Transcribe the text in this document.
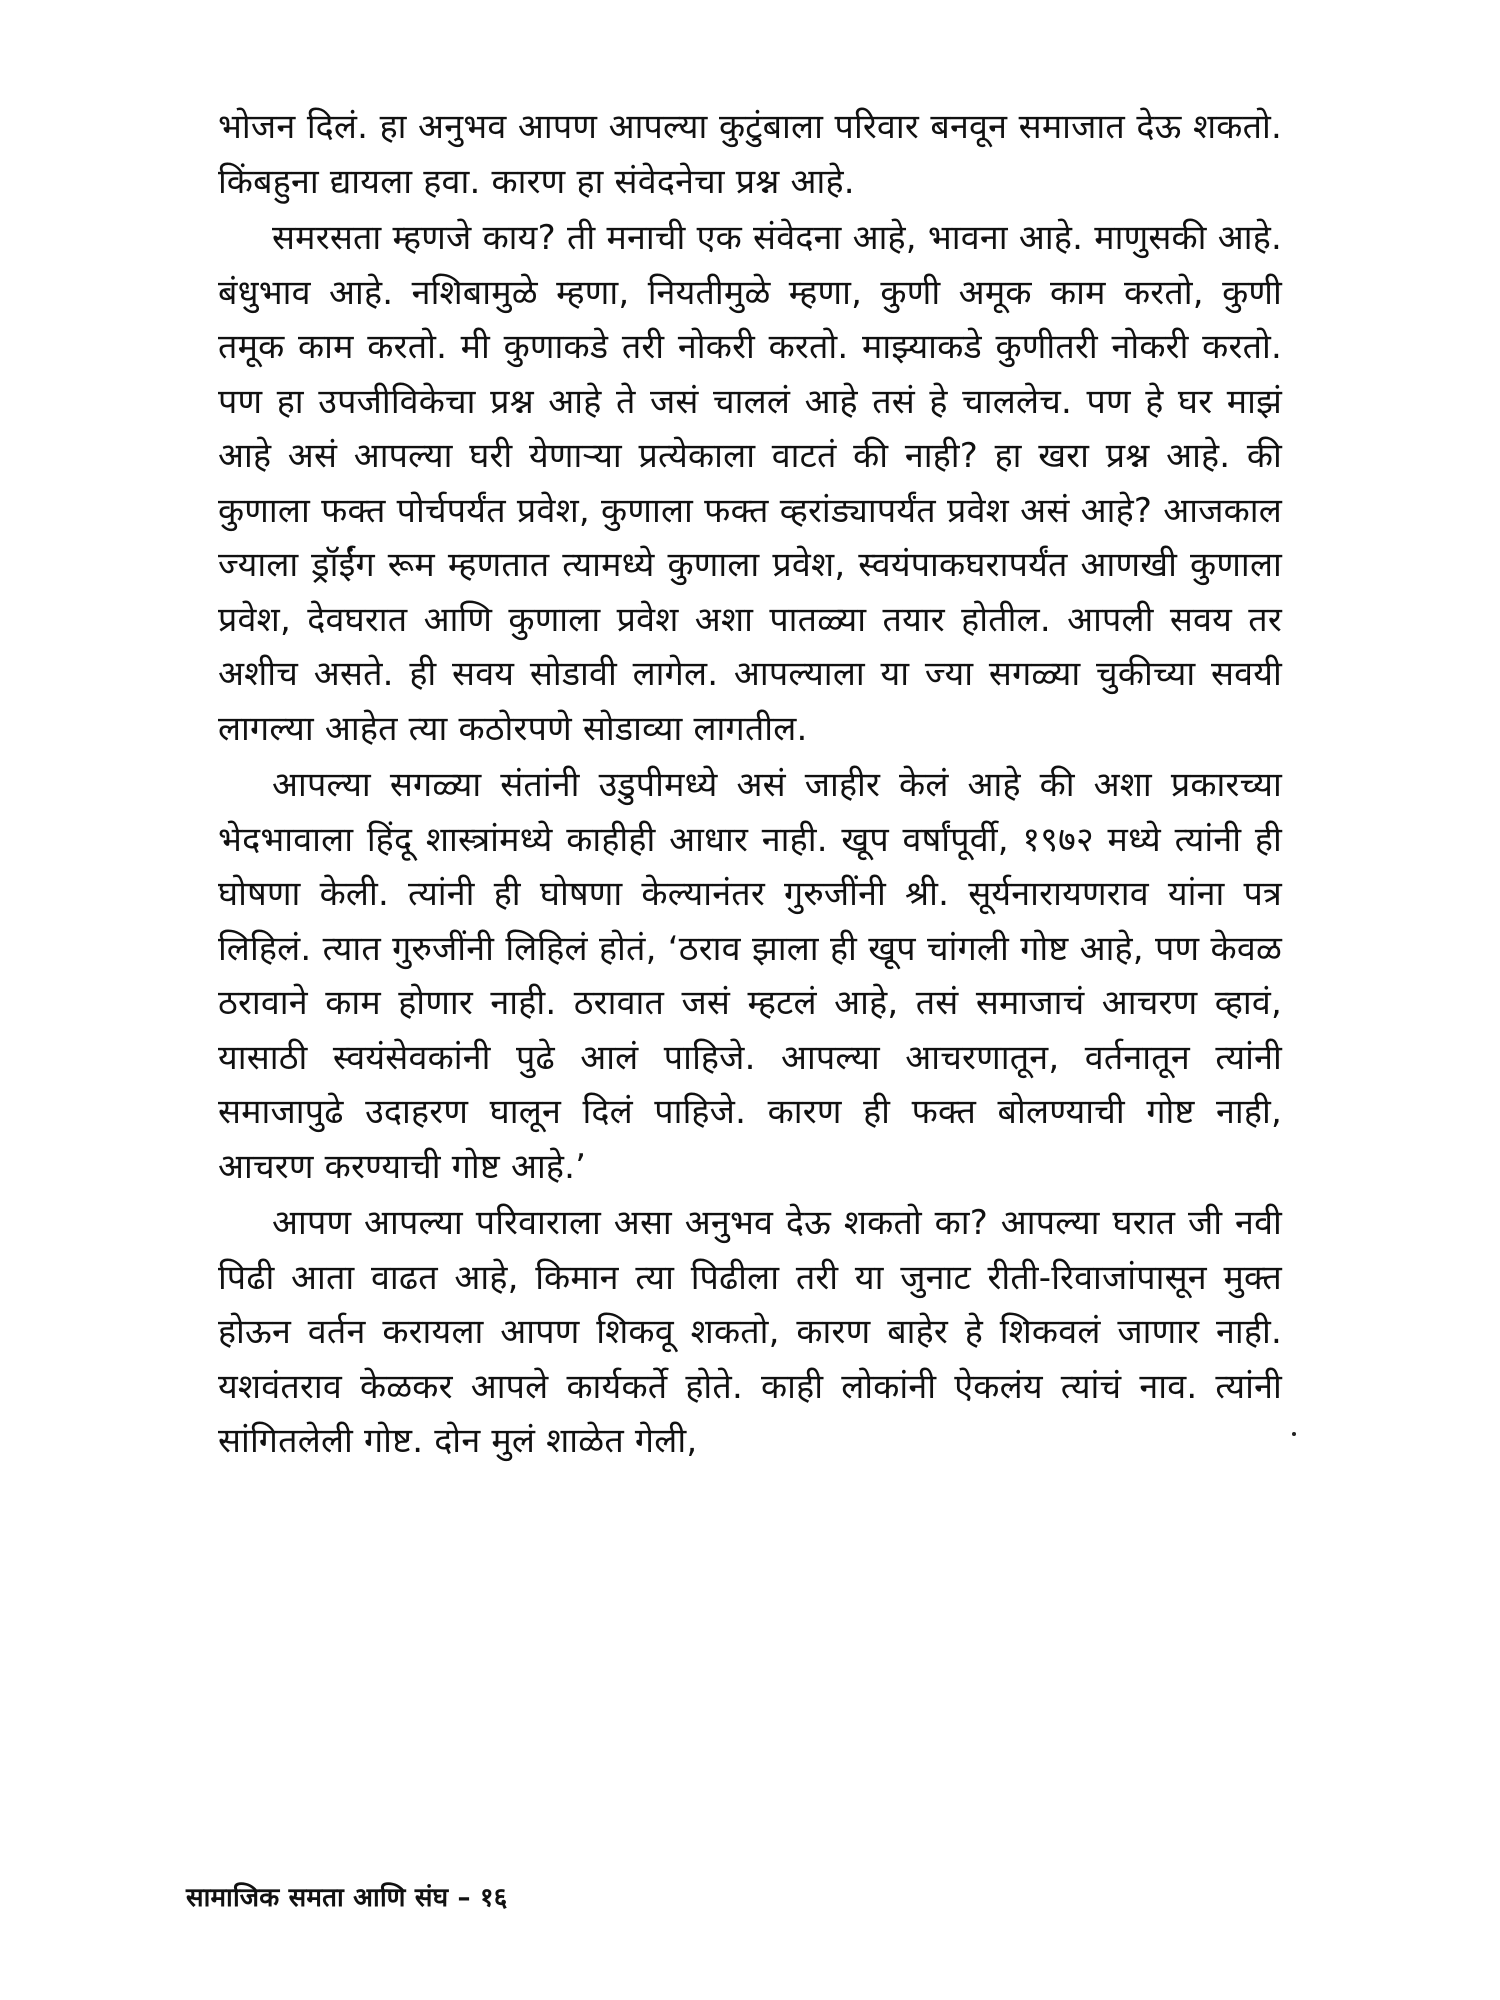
भोजन दिलं. हा अनुभव आपण आपल्या कुटुंबाला परिवार बनवून समाजात देऊ शकतो. किंबहुना द्यायला हवा. कारण हा संवेदनेचा प्रश्न आहे.

समरसता म्हणजे काय? ती मनाची एक संवेदना आहे, भावना आहे. माणुसकी आहे. बंधुभाव आहे. नशिबामुळे म्हणा, नियतीमुळे म्हणा, कुणी अमूक काम करतो, कुणी तमूक काम करतो. मी कुणाकडे तरी नोकरी करतो. माझ्याकडे कुणीतरी नोकरी करतो. पण हा उपजीविकेचा प्रश्न आहे ते जसं चाललं आहे तसं हे चाललेच. पण हे घर माझं आहे असं आपल्या घरी येणाऱ्या प्रत्येकाला वाटतं की नाही? हा खरा प्रश्न आहे. की कुणाला फक्त पोर्चपर्यंत प्रवेश, कुणाला फक्त व्हरांड्यापर्यंत प्रवेश असं आहे? आजकाल ज्याला ड्रॉईंग रूम म्हणतात त्यामध्ये कुणाला प्रवेश, स्वयंपाकघरापर्यंत आणखी कुणाला प्रवेश, देवघरात आणि कुणाला प्रवेश अशा पातळ्या तयार होतील. आपली सवय तर अशीच असते. ही सवय सोडावी लागेल. आपल्याला या ज्या सगळ्या चुकीच्या सवयी लागल्या आहेत त्या कठोरपणे सोडाव्या लागतील.

आपल्या सगळ्या संतांनी उडुपीमध्ये असं जाहीर केलं आहे की अशा प्रकारच्या भेदभावाला हिंदू शास्त्रांमध्ये काहीही आधार नाही. खूप वर्षांपूर्वी, १९७२ मध्ये त्यांनी ही घोषणा केली. त्यांनी ही घोषणा केल्यानंतर गुरुजींनी श्री. सूर्यनारायणराव यांना पत्र लिहिलं. त्यात गुरुजींनी लिहिलं होतं, ‘ठराव झाला ही खूप चांगली गोष्ट आहे, पण केवळ ठरावाने काम होणार नाही. ठरावात जसं म्हटलं आहे, तसं समाजाचं आचरण व्हावं, यासाठी स्वयंसेवकांनी पुढे आलं पाहिजे. आपल्या आचरणातून, वर्तनातून त्यांनी समाजापुढे उदाहरण घालून दिलं पाहिजे. कारण ही फक्त बोलण्याची गोष्ट नाही, आचरण करण्याची गोष्ट आहे.’

आपण आपल्या परिवाराला असा अनुभव देऊ शकतो का? आपल्या घरात जी नवी पिढी आता वाढत आहे, किमान त्या पिढीला तरी या जुनाट रीती-रिवाजांपासून मुक्त होऊन वर्तन करायला आपण शिकवू शकतो, कारण बाहेर हे शिकवलं जाणार नाही. यशवंतराव केळकर आपले कार्यकर्ते होते. काही लोकांनी ऐकलंय त्यांचं नाव. त्यांनी सांगितलेली गोष्ट. दोन मुलं शाळेत गेली,

सामाजिक समता आणि संघ – १६
